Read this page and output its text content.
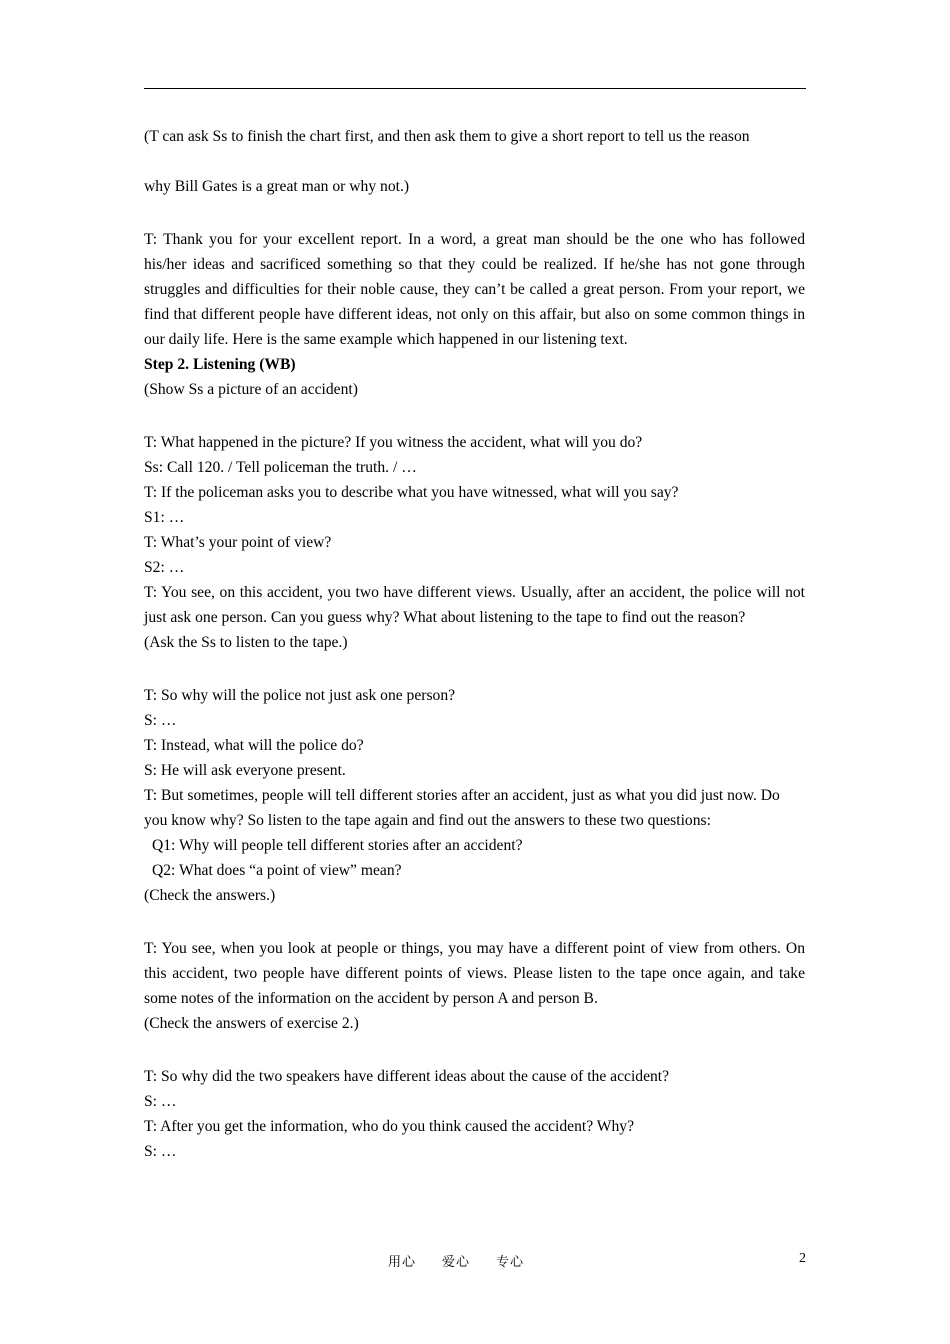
(T can ask Ss to finish the chart first, and then ask them to give a short report to tell us the reason

why Bill Gates is a great man or why not.)

T: Thank you for your excellent report. In a word, a great man should be the one who has followed his/her ideas and sacrificed something so that they could be realized. If he/she has not gone through struggles and difficulties for their noble cause, they can’t be called a great person. From your report, we find that different people have different ideas, not only on this affair, but also on some common things in our daily life. Here is the same example which happened in our listening text.

Step 2. Listening (WB)

(Show Ss a picture of an accident)

T: What happened in the picture? If you witness the accident, what will you do?

Ss: Call 120. / Tell policeman the truth. / …

T: If the policeman asks you to describe what you have witnessed, what will you say?

S1: …

T: What’s your point of view?

S2: …

T: You see, on this accident, you two have different views. Usually, after an accident, the police will not just ask one person. Can you guess why? What about listening to the tape to find out the reason?

(Ask the Ss to listen to the tape.)

T: So why will the police not just ask one person?

S: …

T: Instead, what will the police do?

S: He will ask everyone present.

T: But sometimes, people will tell different stories after an accident, just as what you did just now. Do you know why? So listen to the tape again and find out the answers to these two questions:

Q1: Why will people tell different stories after an accident?

Q2: What does “a point of view” mean?

(Check the answers.)

T: You see, when you look at people or things, you may have a different point of view from others. On this accident, two people have different points of views. Please listen to the tape once again, and take some notes of the information on the accident by person A and person B.

(Check the answers of exercise 2.)

T: So why did the two speakers have different ideas about the cause of the accident?

S: …

T: After you get the information, who do you think caused the accident? Why?

S: …

用心 爱心 专心	2
